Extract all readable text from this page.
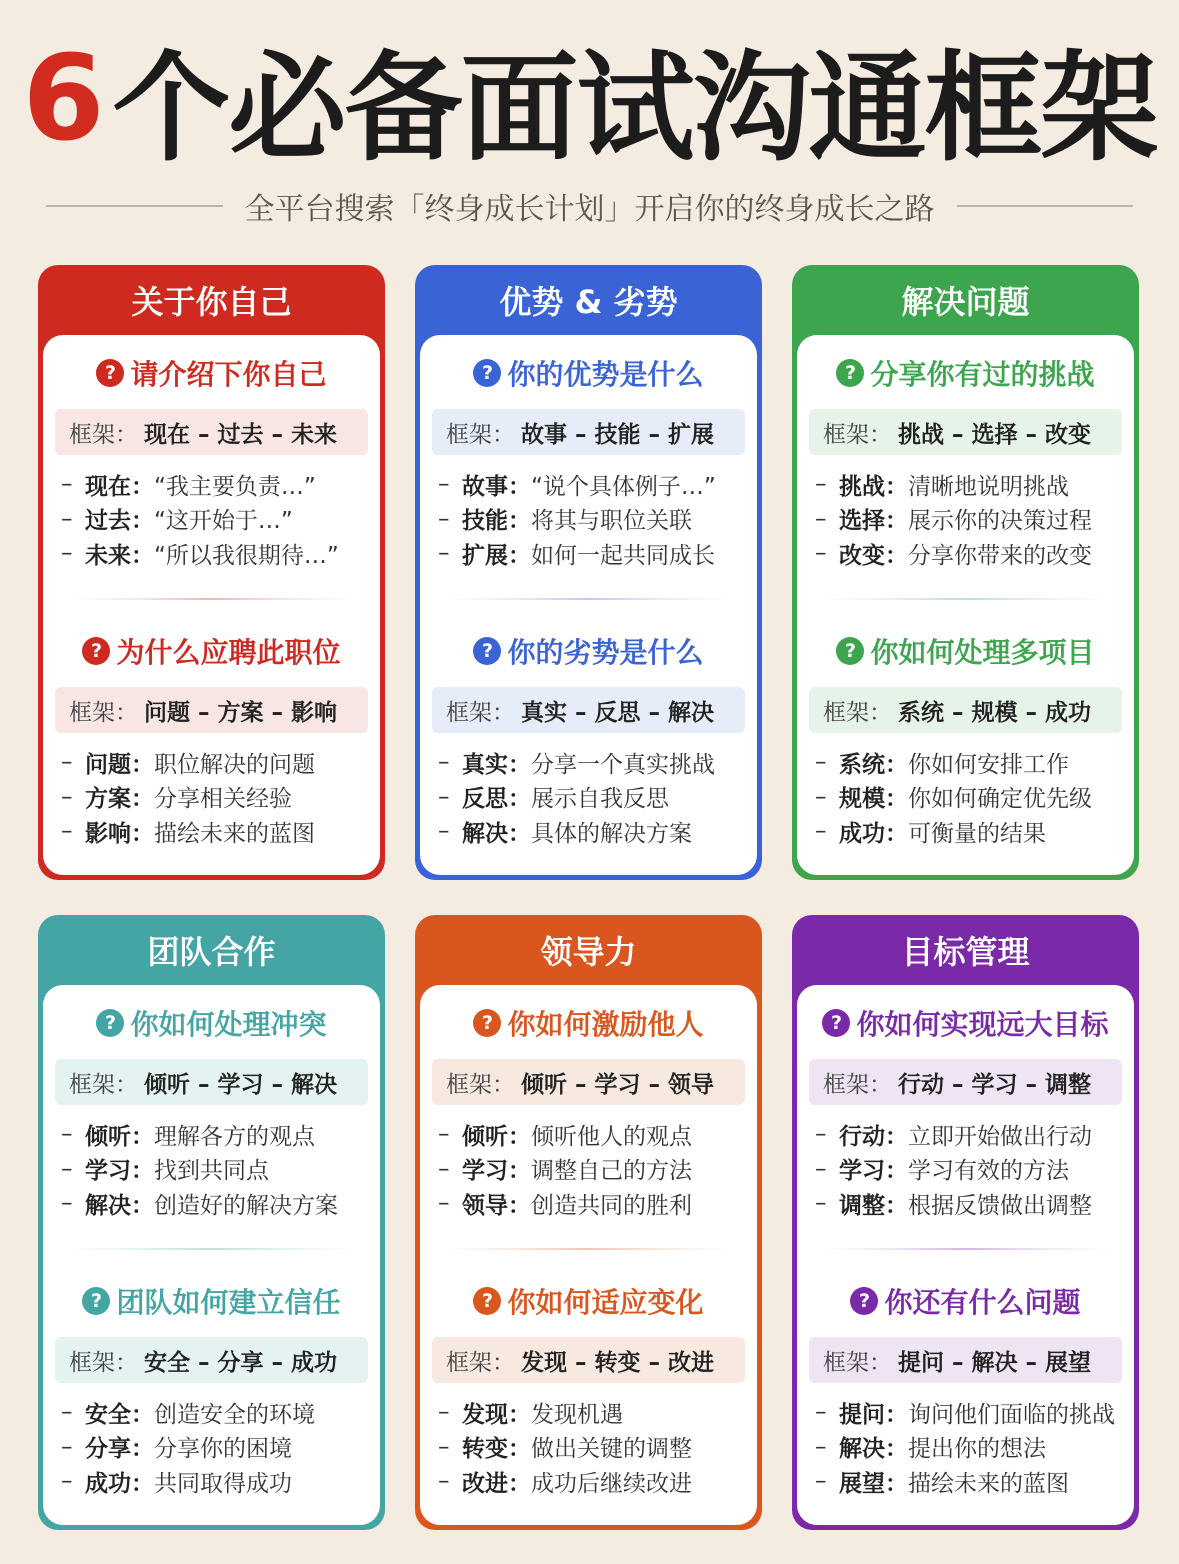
6 个必备面试沟通框架
全平台搜索「终身成长计划」开启你的终身成长之路
关于你自己
? 请介绍下你自己
框架： 现在 – 过去 – 未来
– 现在： “我主要负责…”
– 过去： “这开始于…”
– 未来： “所以我很期待…”
? 为什么应聘此职位
框架： 问题 – 方案 – 影响
– 问题： 职位解决的问题
– 方案： 分享相关经验
– 影响： 描绘未来的蓝图
优势 & 劣势
? 你的优势是什么
框架： 故事 – 技能 – 扩展
– 故事： “说个具体例子…”
– 技能： 将其与职位关联
– 扩展： 如何一起共同成长
? 你的劣势是什么
框架： 真实 – 反思 – 解决
– 真实： 分享一个真实挑战
– 反思： 展示自我反思
– 解决： 具体的解决方案
解决问题
? 分享你有过的挑战
框架： 挑战 – 选择 – 改变
– 挑战： 清晰地说明挑战
– 选择： 展示你的决策过程
– 改变： 分享你带来的改变
? 你如何处理多项目
框架： 系统 – 规模 – 成功
– 系统： 你如何安排工作
– 规模： 你如何确定优先级
– 成功： 可衡量的结果
团队合作
? 你如何处理冲突
框架： 倾听 – 学习 – 解决
– 倾听： 理解各方的观点
– 学习： 找到共同点
– 解决： 创造好的解决方案
? 团队如何建立信任
框架： 安全 – 分享 – 成功
– 安全： 创造安全的环境
– 分享： 分享你的困境
– 成功： 共同取得成功
领导力
? 你如何激励他人
框架： 倾听 – 学习 – 领导
– 倾听： 倾听他人的观点
– 学习： 调整自己的方法
– 领导： 创造共同的胜利
? 你如何适应变化
框架： 发现 – 转变 – 改进
– 发现： 发现机遇
– 转变： 做出关键的调整
– 改进： 成功后继续改进
目标管理
? 你如何实现远大目标
框架： 行动 – 学习 – 调整
– 行动： 立即开始做出行动
– 学习： 学习有效的方法
– 调整： 根据反馈做出调整
? 你还有什么问题
框架： 提问 – 解决 – 展望
– 提问： 询问他们面临的挑战
– 解决： 提出你的想法
– 展望： 描绘未来的蓝图
